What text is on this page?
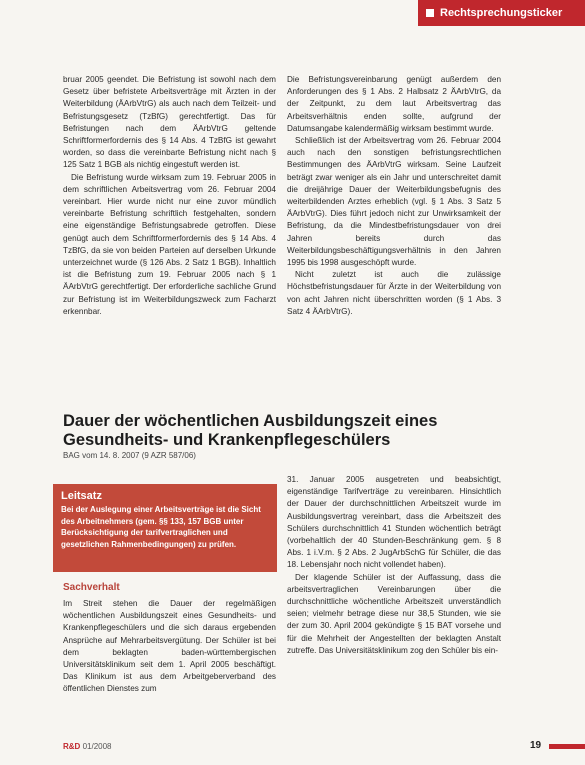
Rechtsprechungsticker

bruar 2005 geendet. Die Befristung ist sowohl nach dem Gesetz über befristete Arbeitsverträge mit Ärzten in der Weiterbildung (ÄArbVtrG) als auch nach dem Teilzeit- und Befristungsgesetz (TzBfG) gerechtfertigt. Das für Befristungen nach dem ÄArbVtrG geltende Schriftformerfordernis des § 14 Abs. 4 TzBfG ist gewahrt worden, so dass die vereinbarte Befristung nicht nach § 125 Satz 1 BGB als nichtig eingestuft werden ist.

Die Befristung wurde wirksam zum 19. Februar 2005 in dem schriftlichen Arbeitsvertrag vom 26. Februar 2004 vereinbart. Hier wurde nicht nur eine zuvor mündlich vereinbarte Befristung schriftlich festgehalten, sondern eine eigenständige Befristungsabrede getroffen. Diese genügt auch dem Schriftformerfordernis des § 14 Abs. 4 TzBfG, da sie von beiden Parteien auf derselben Urkunde unterzeichnet wurde (§ 126 Abs. 2 Satz 1 BGB). Inhaltlich ist die Befristung zum 19. Februar 2005 nach § 1 ÄArbVtrG gerechtfertigt. Der erforderliche sachliche Grund zur Befristung ist im Weiterbildungszweck zum Facharzt erkennbar.

Die Befristungsvereinbarung genügt außerdem den Anforderungen des § 1 Abs. 2 Halbsatz 2 ÄArbVtrG, da der Zeitpunkt, zu dem laut Arbeitsvertrag das Arbeitsverhältnis enden sollte, aufgrund der Datumsangabe kalendermäßig wirksam bestimmt wurde.

Schließlich ist der Arbeitsvertrag vom 26. Februar 2004 auch nach den sonstigen befristungsrechtlichen Bestimmungen des ÄArbVtrG wirksam. Seine Laufzeit beträgt zwar weniger als ein Jahr und unterschreitet damit die dreijährige Dauer der Weiterbildungsbefugnis des weiterbildenden Arztes erheblich (vgl. § 1 Abs. 3 Satz 5 ÄArbVtrG). Dies führt jedoch nicht zur Unwirksamkeit der Befristung, da die Mindestbefristungsdauer von drei Jahren bereits durch das Weiterbildungsbeschäftigungsverhältnis in den Jahren 1995 bis 1998 ausgeschöpft wurde.

Nicht zuletzt ist auch die zulässige Höchstbefristungsdauer für Ärzte in der Weiterbildung von von acht Jahren nicht überschritten worden (§ 1 Abs. 3 Satz 4 ÄArbVtrG).

Dauer der wöchentlichen Ausbildungszeit eines Gesundheits- und Krankenpflegeschülers
BAG vom 14. 8. 2007 (9 AZR 587/06)
Leitsatz
Bei der Auslegung einer Arbeitsverträge ist die Sicht des Arbeitnehmers (gem. §§ 133, 157 BGB unter Berücksichtigung der tarifvertraglichen und gesetzlichen Rahmenbedingungen) zu prüfen.
Sachverhalt

Im Streit stehen die Dauer der regelmäßigen wöchentlichen Ausbildungszeit eines Gesundheits- und Krankenpflegeschülers und die sich daraus ergebenden Ansprüche auf Mehrarbeitsvergütung. Der Schüler ist bei dem beklagten baden-württembergischen Universitätsklinikum seit dem 1. April 2005 beschäftigt. Das Klinikum ist aus dem Arbeitgeberverband des öffentlichen Dienstes zum

31. Januar 2005 ausgetreten und beabsichtigt, eigenständige Tarifverträge zu vereinbaren. Hinsichtlich der Dauer der durchschnittlichen Arbeitszeit wurde im Ausbildungsvertrag vereinbart, dass die Arbeitszeit des Schülers durchschnittlich 41 Stunden wöchentlich beträgt (vorbehaltlich der 40 Stunden-Beschränkung gem. § 8 Abs. 1 i.V.m. § 2 Abs. 2 JugArbSchG für Schüler, die das 18. Lebensjahr noch nicht vollendet haben).

Der klagende Schüler ist der Auffassung, dass die arbeitsvertraglichen Vereinbarungen über die durchschnittliche wöchentliche Arbeitszeit unverständlich seien; vielmehr betrage diese nur 38,5 Stunden, wie sie der zum 30. April 2004 gekündigte § 15 BAT vorsehe und für die Mehrheit der Angestellten der beklagten Anstalt zutreffe. Das Universitätsklinikum zog den Schüler bis ein-

R&D 01/2008	19
